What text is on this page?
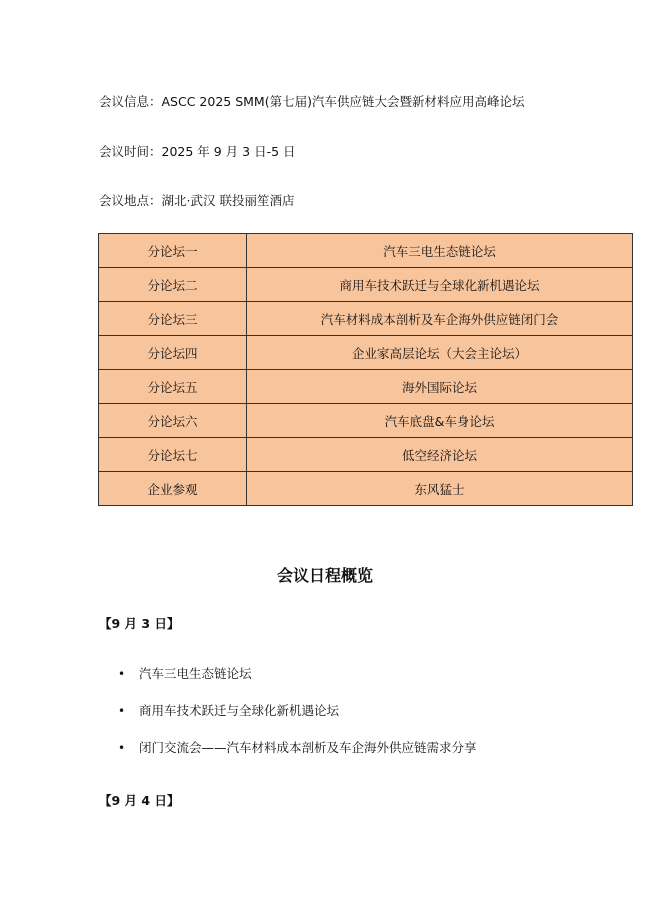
会议信息：ASCC 2025 SMM(第七届)汽车供应链大会暨新材料应用高峰论坛
会议时间：2025 年 9 月 3 日-5 日
会议地点：湖北·武汉 联投丽笙酒店
分论坛一	汽车三电生态链论坛
分论坛二	商用车技术跃迁与全球化新机遇论坛
分论坛三	汽车材料成本剖析及车企海外供应链闭门会
分论坛四	企业家高层论坛（大会主论坛）
分论坛五	海外国际论坛
分论坛六	汽车底盘&车身论坛
分论坛七	低空经济论坛
企业参观	东风猛士
会议日程概览
【9 月 3 日】
• 汽车三电生态链论坛
• 商用车技术跃迁与全球化新机遇论坛
• 闭门交流会——汽车材料成本剖析及车企海外供应链需求分享
【9 月 4 日】
